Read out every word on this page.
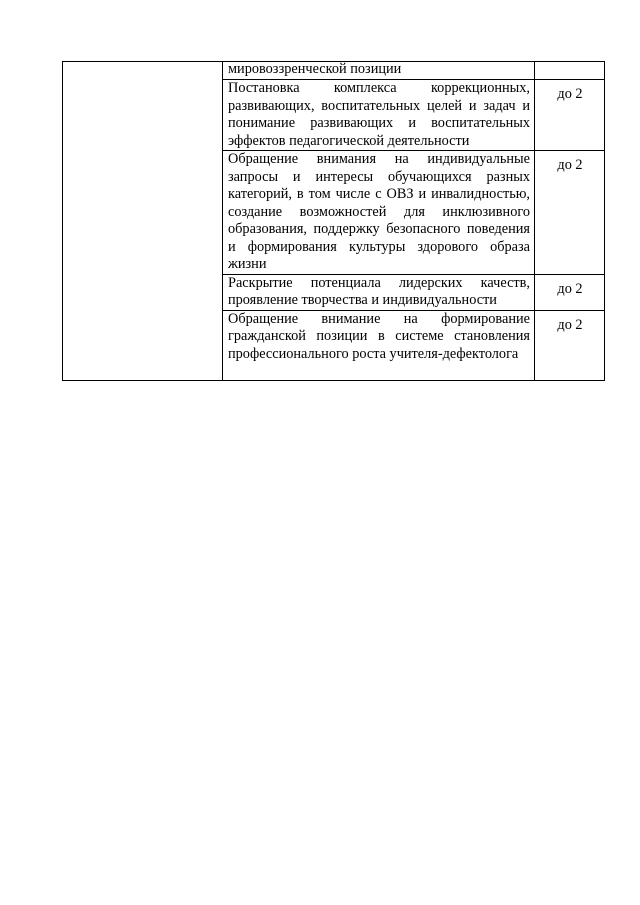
	мировоззренческой позиции	
	Постановка комплекса коррекционных, развивающих, воспитательных целей и задач и понимание развивающих и воспитательных эффектов педагогической деятельности	до 2
	Обращение внимания на индивидуальные запросы и интересы обучающихся разных категорий, в том числе с ОВЗ и инвалидностью, создание возможностей для инклюзивного образования, поддержку безопасного поведения и формирования культуры здорового образа жизни	до 2
	Раскрытие потенциала лидерских качеств, проявление творчества и индивидуальности	до 2
	Обращение внимание на формирование гражданской позиции в системе становления профессионального роста учителя-дефектолога	до 2
